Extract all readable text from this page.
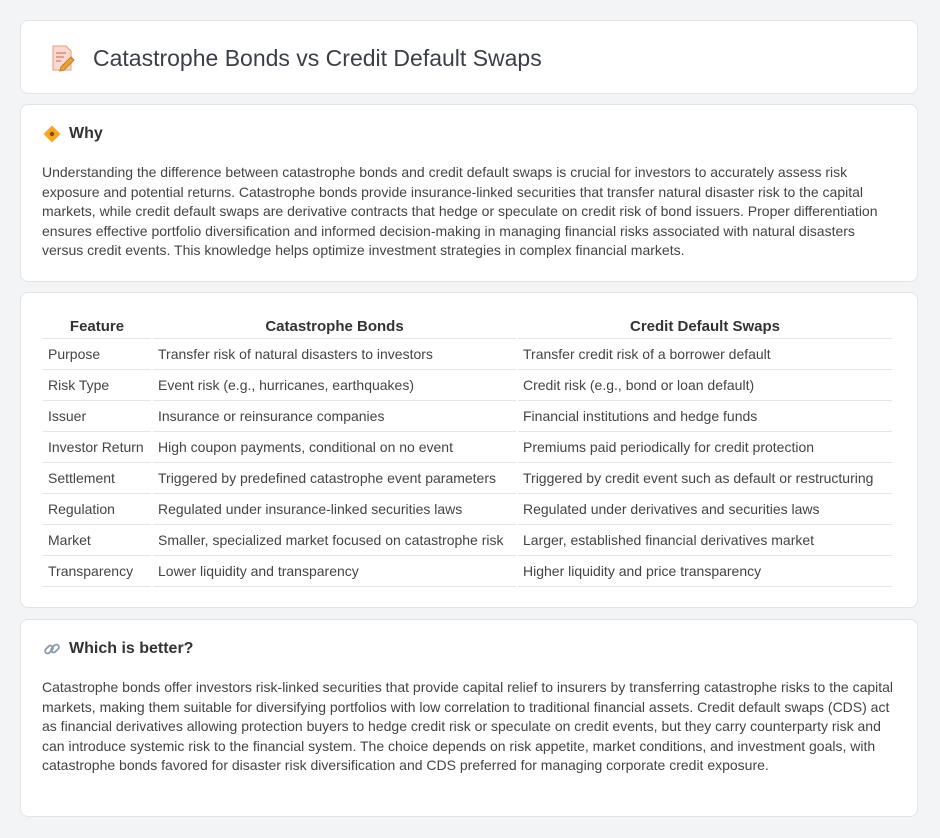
Catastrophe Bonds vs Credit Default Swaps
Why

Understanding the difference between catastrophe bonds and credit default swaps is crucial for investors to accurately assess risk exposure and potential returns. Catastrophe bonds provide insurance-linked securities that transfer natural disaster risk to the capital markets, while credit default swaps are derivative contracts that hedge or speculate on credit risk of bond issuers. Proper differentiation ensures effective portfolio diversification and informed decision-making in managing financial risks associated with natural disasters versus credit events. This knowledge helps optimize investment strategies in complex financial markets.

Feature		Catastrophe Bonds		Credit Default Swaps
Purpose		Transfer risk of natural disasters to investors		Transfer credit risk of a borrower default
Risk Type		Event risk (e.g., hurricanes, earthquakes)		Credit risk (e.g., bond or loan default)
Issuer		Insurance or reinsurance companies		Financial institutions and hedge funds
Investor Return		High coupon payments, conditional on no event		Premiums paid periodically for credit protection
Settlement		Triggered by predefined catastrophe event parameters		Triggered by credit event such as default or restructuring
Regulation		Regulated under insurance-linked securities laws		Regulated under derivatives and securities laws
Market		Smaller, specialized market focused on catastrophe risk		Larger, established financial derivatives market
Transparency		Lower liquidity and transparency		Higher liquidity and price transparency
Which is better?

Catastrophe bonds offer investors risk-linked securities that provide capital relief to insurers by transferring catastrophe risks to the capital markets, making them suitable for diversifying portfolios with low correlation to traditional financial assets. Credit default swaps (CDS) act as financial derivatives allowing protection buyers to hedge credit risk or speculate on credit events, but they carry counterparty risk and can introduce systemic risk to the financial system. The choice depends on risk appetite, market conditions, and investment goals, with catastrophe bonds favored for disaster risk diversification and CDS preferred for managing corporate credit exposure.
